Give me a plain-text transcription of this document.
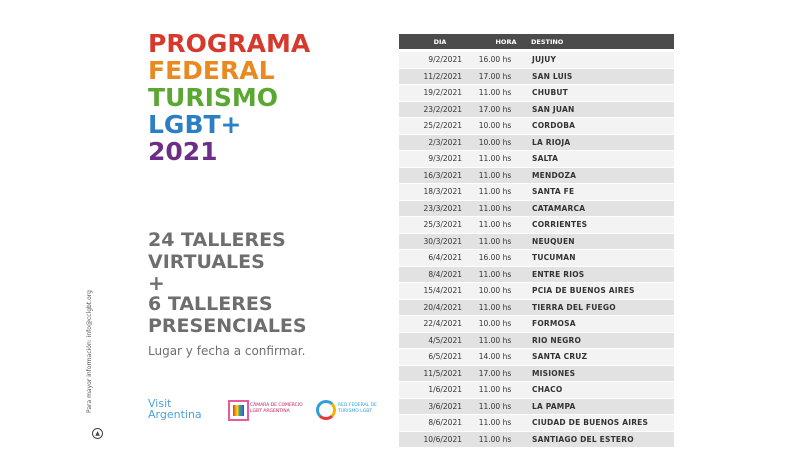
PROGRAMA
FEDERAL
TURISMO
LGBT+
2021
24 TALLERES
VIRTUALES
+
6 TALLERES
PRESENCIALES
Lugar y fecha a confirmar.
Para mayor información: info@cclgbt.org
▲
Visit
Argentina
CÁMARA DE COMERCIO LGBT ARGENTINA
RED FEDERAL DE TURISMO LGBT
DIA	HORA	DESTINO
9/2/2021	16.00 hs	JUJUY
11/2/2021	17.00 hs	SAN LUIS
19/2/2021	11.00 hs	CHUBUT
23/2/2021	17.00 hs	SAN JUAN
25/2/2021	10.00 hs	CORDOBA
2/3/2021	10.00 hs	LA RIOJA
9/3/2021	11.00 hs	SALTA
16/3/2021	11.00 hs	MENDOZA
18/3/2021	11.00 hs	SANTA FE
23/3/2021	11.00 hs	CATAMARCA
25/3/2021	11.00 hs	CORRIENTES
30/3/2021	11.00 hs	NEUQUEN
6/4/2021	16.00 hs	TUCUMAN
8/4/2021	11.00 hs	ENTRE RIOS
15/4/2021	10.00 hs	PCIA DE BUENOS AIRES
20/4/2021	11.00 hs	TIERRA DEL FUEGO
22/4/2021	10.00 hs	FORMOSA
4/5/2021	11.00 hs	RIO NEGRO
6/5/2021	14.00 hs	SANTA CRUZ
11/5/2021	17.00 hs	MISIONES
1/6/2021	11.00 hs	CHACO
3/6/2021	11.00 hs	LA PAMPA
8/6/2021	11.00 hs	CIUDAD DE BUENOS AIRES
10/6/2021	11.00 hs	SANTIAGO DEL ESTERO
